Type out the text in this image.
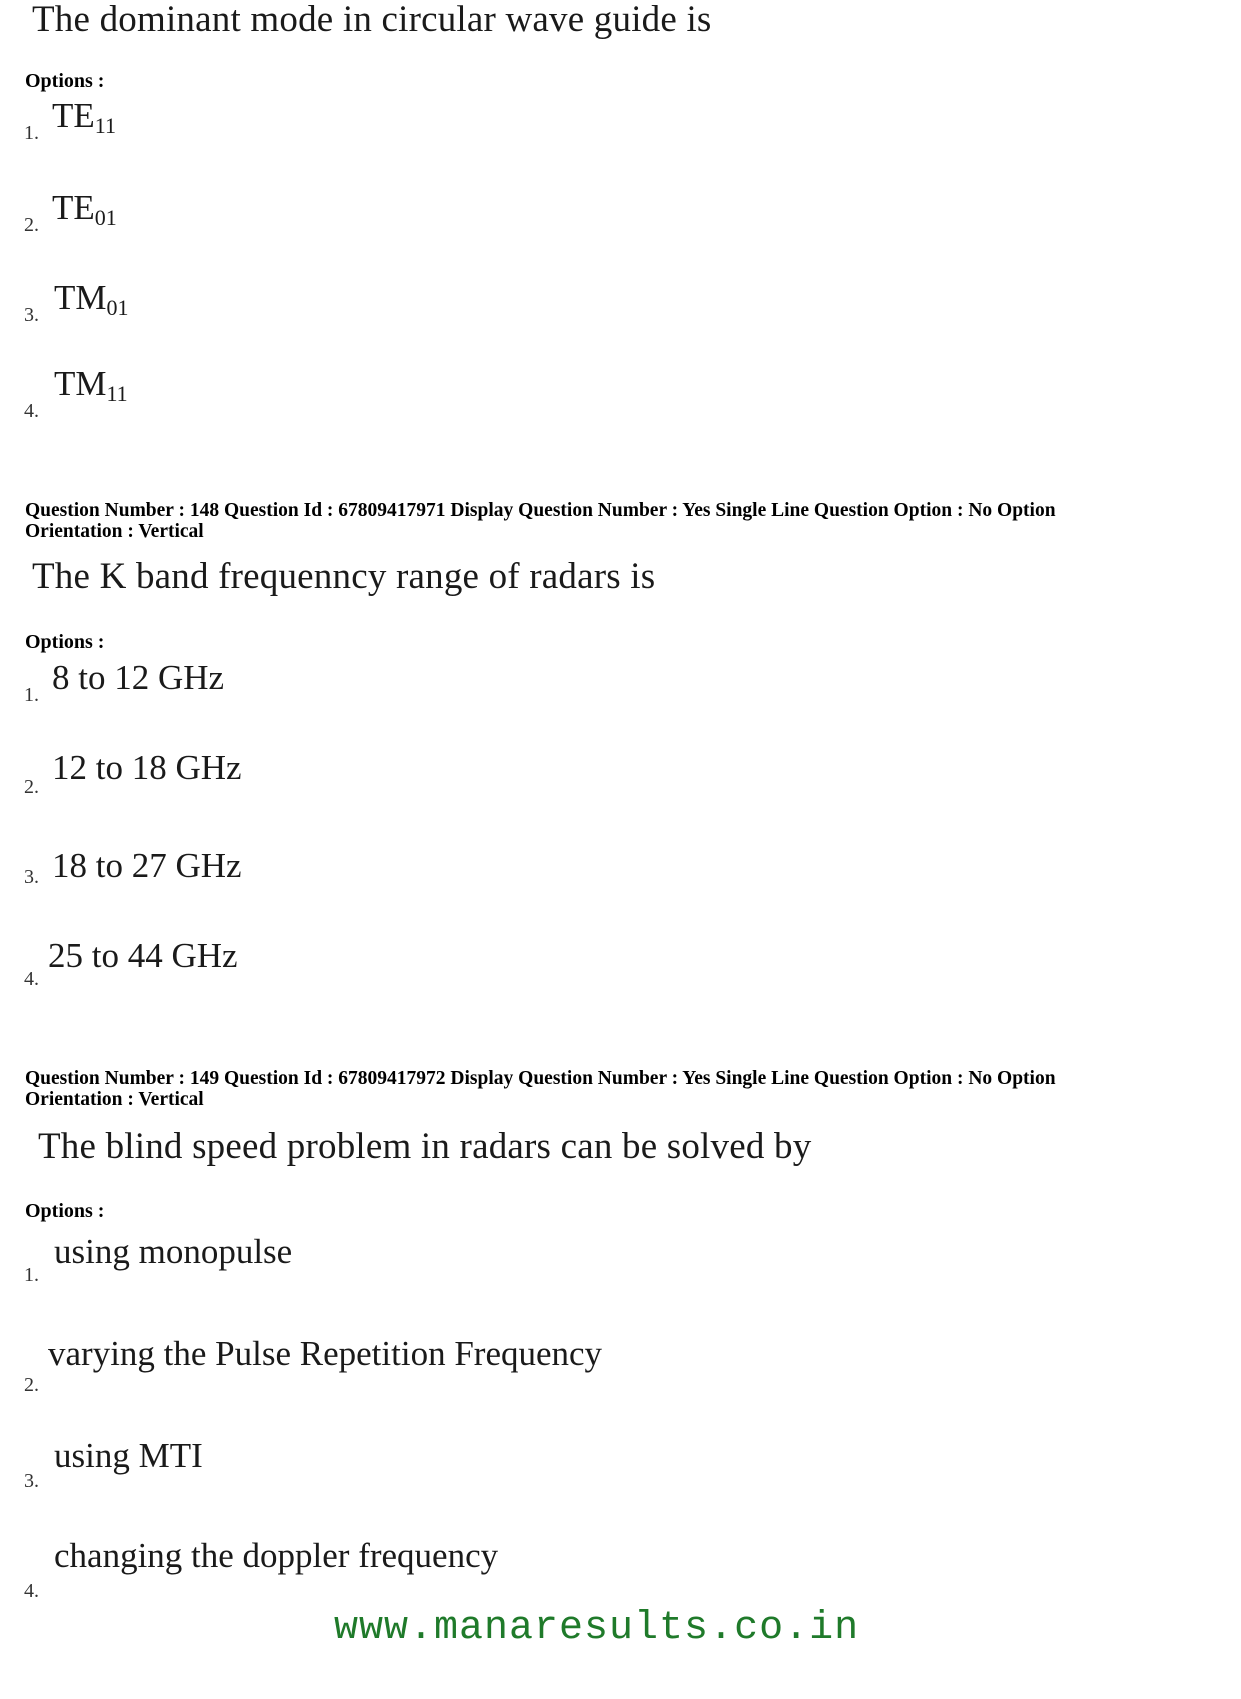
The dominant mode in circular wave guide is
Options :
1. $TE_{11}$
2. $TE_{01}$
3. $TM_{01}$
4.
$TM_{11}$
Question Number : 148 Question Id : 67809417971 Display Question Number : Yes Single Line Question Option : No Option
Orientation : Vertical
The K band frequenncy range of radars is
Options :
1. 8 to 12 GHz
2. 12 to 18 GHz
3. 18 to 27 GHz
4.
25 to 44 GHz
Question Number : 149 Question Id : 67809417972 Display Question Number : Yes Single Line Question Option : No Option
Orientation : Vertical
The blind speed problem in radars can be solved by
Options :
1.
using monopulse
2.
varying the Pulse Repetition Frequency
3.
using MTI
4.
changing the doppler frequency
www.manaresults.co.in
